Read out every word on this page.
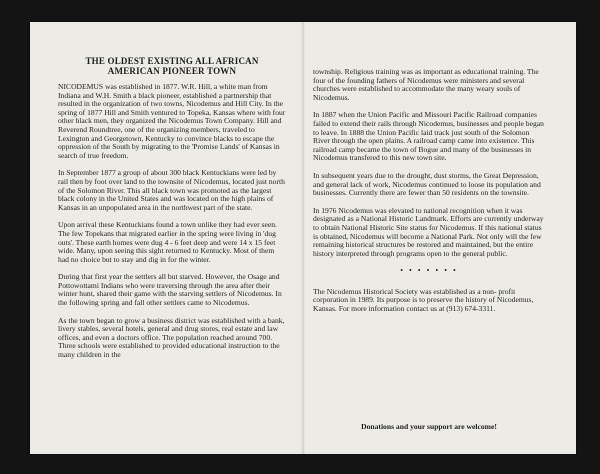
THE OLDEST EXISTING ALL AFRICAN
AMERICAN PIONEER TOWN

NICODEMUS was established in 1877. W.R. Hill, a white man from Indiana and W.H. Smith a black pioneer, established a partnership that resulted in the organization of two towns, Nicodemus and Hill City. In the spring of 1877 Hill and Smith ventured to Topeka, Kansas where with four other black men, they organized the Nicodemus Town Company. Hill and Reverend Roundtree, one of the organizing members, traveled to Lexington and Georgetown, Kentucky to convince blacks to escape the oppression of the South by migrating to the 'Promise Lands' of Kansas in search of true freedom.

In September 1877 a group of about 300 black Kentuckians were led by rail then by foot over land to the townsite of Nicodemus, located just north of the Solomon River. This all black town was promoted as the largest black colony in the United States and was located on the high plains of Kansas in an unpopulated area in the northwest part of the state.

Upon arrival these Kentuckians found a town unlike they had ever seen. The few Topekans that migrated earlier in the spring were living in 'dug outs'. These earth homes were dug 4 - 6 feet deep and were 14 x 15 feet wide. Many, upon seeing this sight returned to Kentucky. Most of them had no choice but to stay and dig in for the winter.

During that first year the settlers all but starved. However, the Osage and Pottowottami Indians who were traversing through the area after their winter hunt, shared their game with the starving settlers of Nicodemus. In the following spring and fall other settlers came to Nicodemus.

As the town began to grow a business district was established with a bank, livery stables, several hotels, general and drug stores, real estate and law offices, and even a doctors office. The population reached around 700. Three schools were established to provided educational instruction to the many children in the

township. Religious training was as important as educational training. The four of the founding fathers of Nicodemus were ministers and several churches were established to accommodate the many weary souls of Nicodemus.

In 1887 when the Union Pacific and Missouri Pacific Railroad companies failed to extend their rails through Nicodemus, businesses and people began to leave. In 1888 the Union Pacific laid track just south of the Solomon River through the open plains. A railroad camp came into existence. This railroad camp became the town of Bogue and many of the businesses in Nicodemus transfered to this new town site.

In subsequent years due to the drought, dust storms, the Great Depression, and general lack of work, Nicodemus continued to loose its population and businesses. Currently there are fewer than 50 residents on the townsite.

In 1976 Nicodemus was elevated to national recognition when it was designated as a National Historic Landmark. Efforts are currently underway to obtain National Historic Site status for Nicodemus. If this national status is obtained, Nicodemus will become a National Park. Not only will the few remaining historical structures be restored and maintained, but the entire history interpreted through programs open to the general public.

• • • • • • •

The Nicodemus Historical Society was established as a non- profit corporation in 1989. Its purpose is to preserve the history of Nicodemus, Kansas. For more information contact us at (913) 674-3311.

Donations and your support are welcome!
